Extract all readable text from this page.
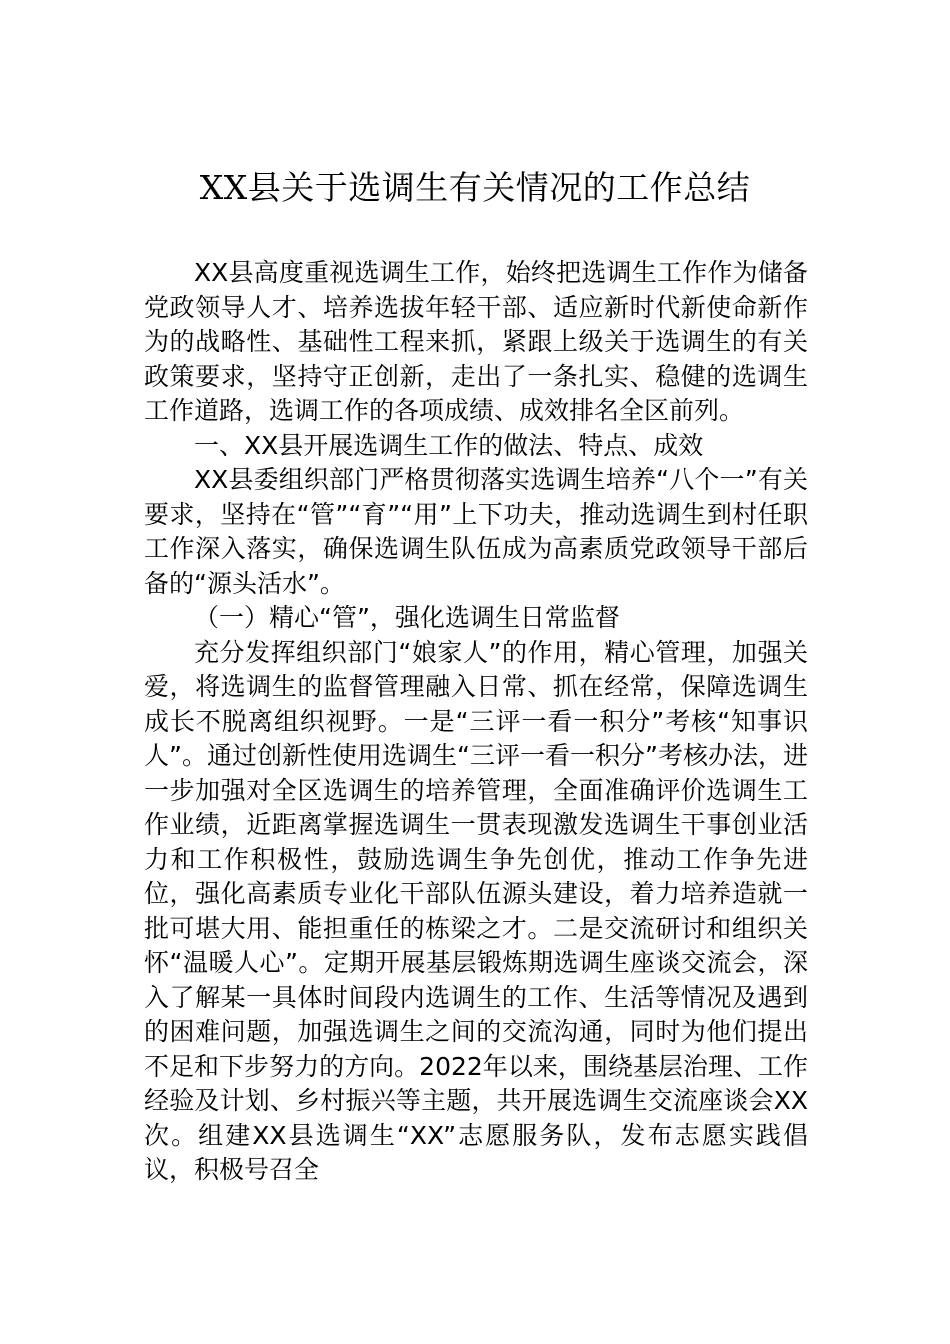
XX县关于选调生有关情况的工作总结

XX县高度重视选调生工作，始终把选调生工作作为储备党政领导人才、培养选拔年轻干部、适应新时代新使命新作为的战略性、基础性工程来抓，紧跟上级关于选调生的有关政策要求，坚持守正创新，走出了一条扎实、稳健的选调生工作道路，选调工作的各项成绩、成效排名全区前列。

一、XX县开展选调生工作的做法、特点、成效

XX县委组织部门严格贯彻落实选调生培养“八个一”有关要求，坚持在“管”“育”“用”上下功夫，推动选调生到村任职工作深入落实，确保选调生队伍成为高素质党政领导干部后备的“源头活水”。

（一）精心“管”，强化选调生日常监督

充分发挥组织部门“娘家人”的作用，精心管理，加强关爱，将选调生的监督管理融入日常、抓在经常，保障选调生成长不脱离组织视野。一是“三评一看一积分”考核“知事识人”。通过创新性使用选调生“三评一看一积分”考核办法，进一步加强对全区选调生的培养管理，全面准确评价选调生工作业绩，近距离掌握选调生一贯表现激发选调生干事创业活力和工作积极性，鼓励选调生争先创优，推动工作争先进位，强化高素质专业化干部队伍源头建设，着力培养造就一批可堪大用、能担重任的栋梁之才。二是交流研讨和组织关怀“温暖人心”。定期开展基层锻炼期选调生座谈交流会，深入了解某一具体时间段内选调生的工作、生活等情况及遇到的困难问题，加强选调生之间的交流沟通，同时为他们提出不足和下步努力的方向。2022年以来，围绕基层治理、工作经验及计划、乡村振兴等主题，共开展选调生交流座谈会XX次。组建XX县选调生“XX”志愿服务队，发布志愿实践倡议，积极号召全
